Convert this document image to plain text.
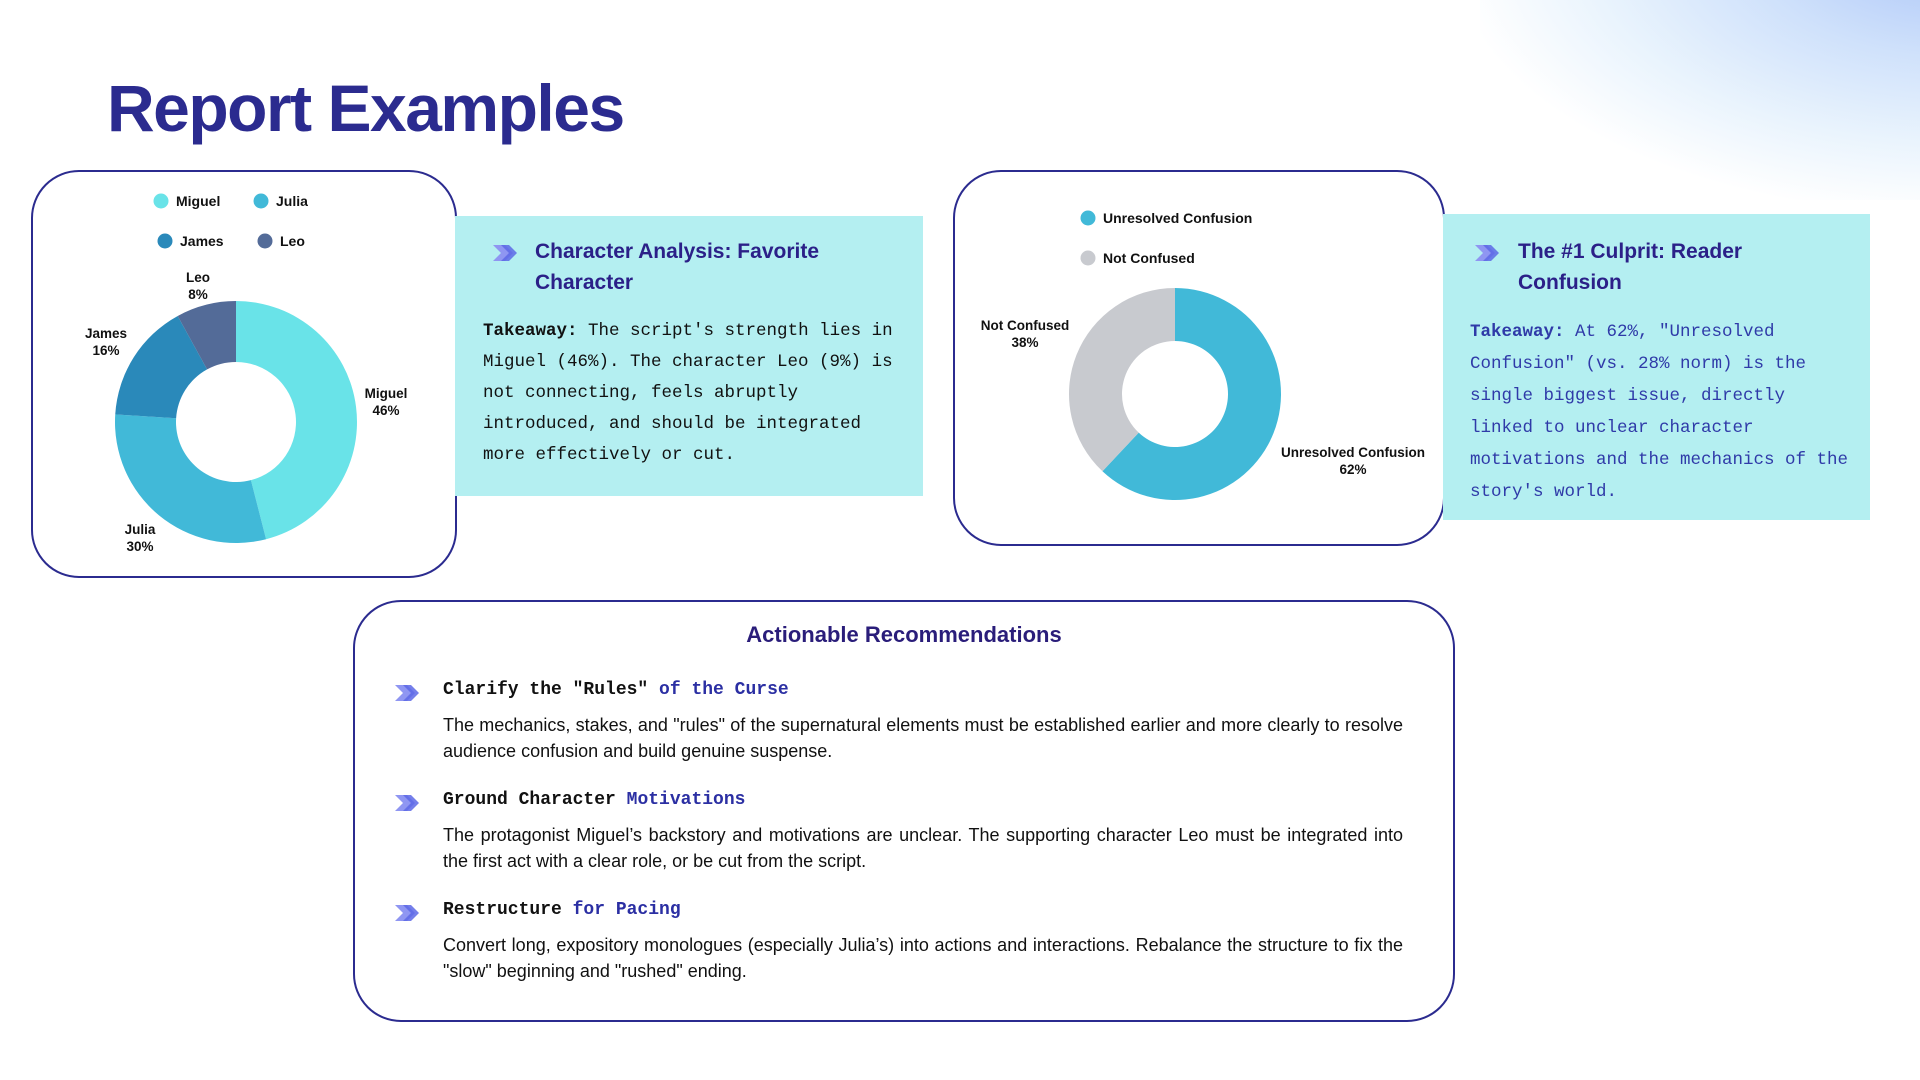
Report Examples
Miguel	Julia
James	Leo
Miguel 46%
Julia 30%
James 16%
Leo 8%
Character Analysis: Favorite Character
Takeaway: The script's strength lies in Miguel (46%). The character Leo (9%) is not connecting, feels abruptly introduced, and should be integrated more effectively or cut.
Unresolved Confusion
Not Confused
Unresolved Confusion 62%
Not Confused 38%
The #1 Culprit: Reader Confusion
Takeaway: At 62%, "Unresolved Confusion" (vs. 28% norm) is the single biggest issue, directly linked to unclear character motivations and the mechanics of the story's world.
Actionable Recommendations
Clarify the "Rules" of the Curse
The mechanics, stakes, and "rules" of the supernatural elements must be established earlier and more clearly to resolve audience confusion and build genuine suspense.
Ground Character Motivations
The protagonist Miguel’s backstory and motivations are unclear. The supporting character Leo must be integrated into the first act with a clear role, or be cut from the script.
Restructure for Pacing
Convert long, expository monologues (especially Julia’s) into actions and interactions. Rebalance the structure to fix the "slow" beginning and "rushed" ending.
